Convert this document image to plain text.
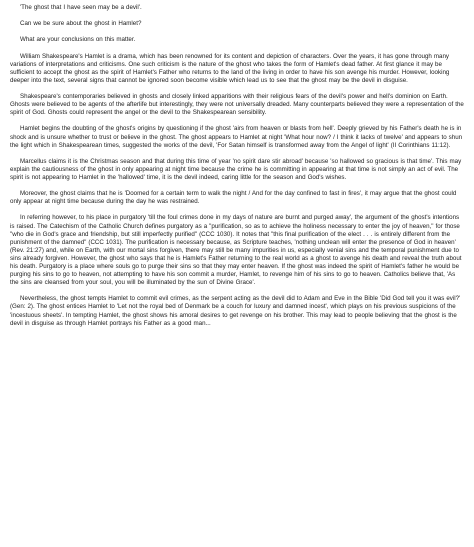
'The ghost that I have seen may be a devil'.

Can we be sure about the ghost in Hamlet?

What are your conclusions on this matter.

William Shakespeare's Hamlet is a drama, which has been renowned for its content and depiction of characters. Over the years, it has gone through many variations of interpretations and criticisms. One such criticism is the nature of the ghost who takes the form of Hamlet's dead father. At first glance it may be sufficient to accept the ghost as the spirit of Hamlet's Father who returns to the land of the living in order to have his son avenge his murder. However, looking deeper into the text, several signs that cannot be ignored soon become visible which lead us to see that the ghost may be the devil in disguise.

Shakespeare's contemporaries believed in ghosts and closely linked apparitions with their religious fears of the devil's power and hell's dominion on Earth. Ghosts were believed to be agents of the afterlife but interestingly, they were not universally dreaded. Many counterparts believed they were a representation of the spirit of God. Ghosts could represent the angel or the devil to the Shakespearean sensibility.

Hamlet begins the doubting of the ghost's origins by questioning if the ghost 'airs from heaven or blasts from hell'. Deeply grieved by his Father's death he is in shock and is unsure whether to trust or believe in the ghost. The ghost appears to Hamlet at night 'What hour now? / I think it lacks of twelve' and appears to shun the light which in Shakespearean times, suggested the works of the devil, 'For Satan himself is transformed away from the Angel of light' (II Corinthians 11:12).

Marcellus claims it is the Christmas season and that during this time of year 'no spirit dare stir abroad' because 'so hallowed so gracious is that time'. This may explain the cautiousness of the ghost in only appearing at night time because the crime he is committing in appearing at that time is not simply an act of evil. The spirit is not appearing to Hamlet in the 'hallowed' time, it is the devil indeed, caring little for the season and God's wishes.

Moreover, the ghost claims that he is 'Doomed for a certain term to walk the night / And for the day confined to fast in fires', it may argue that the ghost could only appear at night time because during the day he was restrained.

In referring however, to his place in purgatory 'till the foul crimes done in my days of nature are burnt and purged away', the argument of the ghost's intentions is raised. The Catechism of the Catholic Church defines purgatory as a "purification, so as to achieve the holiness necessary to enter the joy of heaven," for those "who die in God's grace and friendship, but still imperfectly purified" (CCC 1030). It notes that "this final purification of the elect . . . is entirely different from the punishment of the damned" (CCC 1031). The purification is necessary because, as Scripture teaches, 'nothing unclean will enter the presence of God in heaven' (Rev. 21:27) and, while on Earth, with our mortal sins forgiven, there may still be many impurities in us, especially venial sins and the temporal punishment due to sins already forgiven. However, the ghost who says that he is Hamlet's Father returning to the real world as a ghost to avenge his death and reveal the truth about his death. Purgatory is a place where souls go to purge their sins so that they may enter heaven. If the ghost was indeed the spirit of Hamlet's father he would be purging his sins to go to heaven, not attempting to have his son commit a murder, Hamlet, to revenge him of his sins to go to heaven. Catholics believe that, 'As the sins are cleansed from your soul, you will be illuminated by the sun of Divine Grace'.

Nevertheless, the ghost tempts Hamlet to commit evil crimes, as the serpent acting as the devil did to Adam and Eve in the Bible 'Did God tell you it was evil?' (Gen: 2). The ghost entices Hamlet to 'Let not the royal bed of Denmark be a couch for luxury and damned incest', which plays on his previous suspicions of the 'incestuous sheets'. In tempting Hamlet, the ghost shows his amoral desires to get revenge on his brother. This may lead to people believing that the ghost is the devil in disguise as through Hamlet portrays his Father as a good man...
